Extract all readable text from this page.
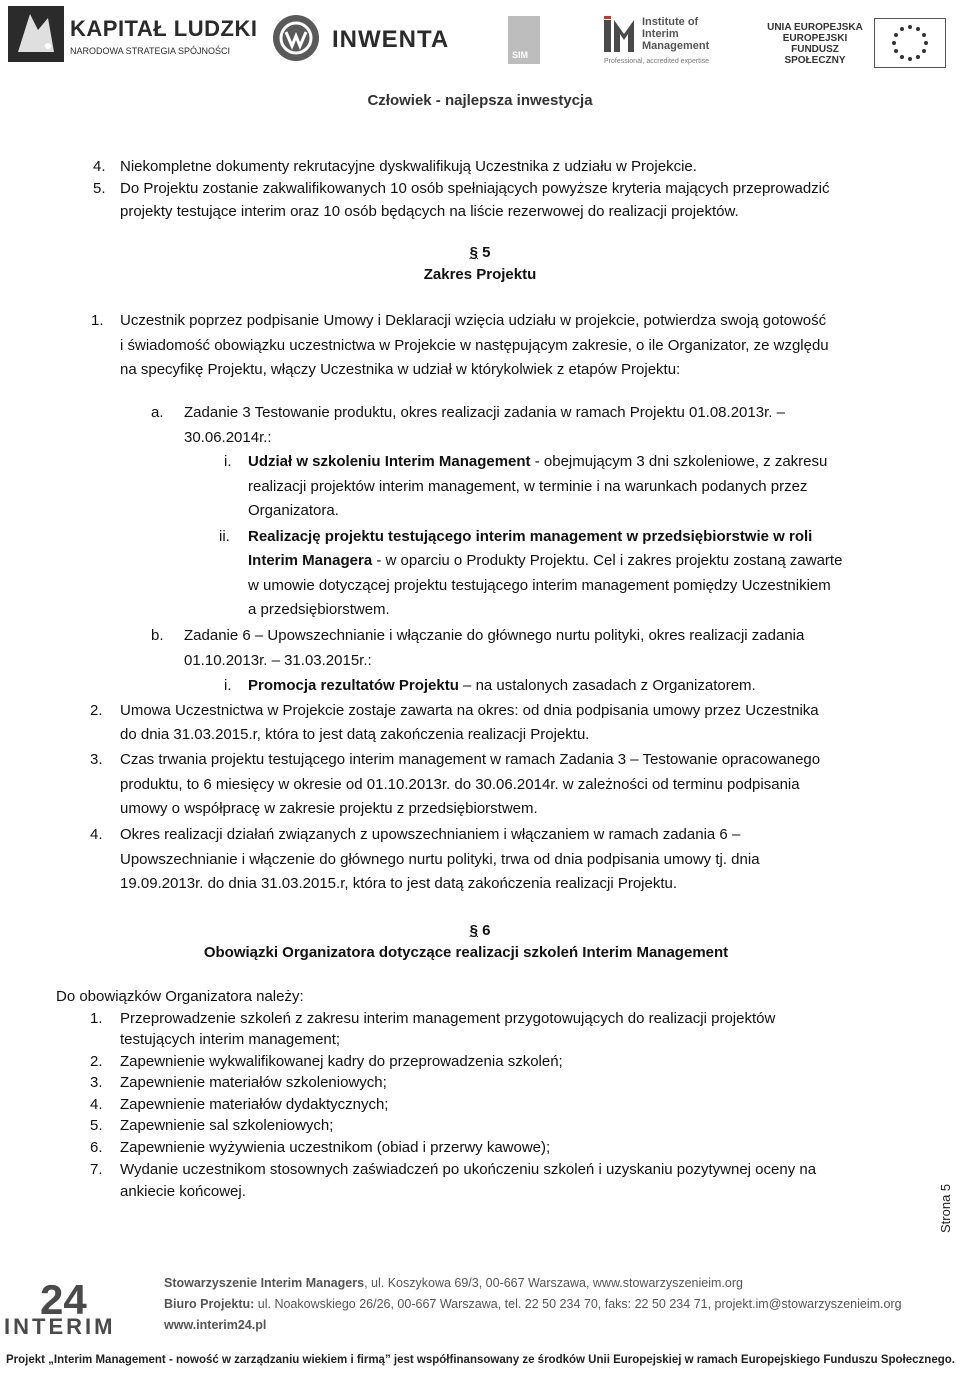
KAPITAŁ LUDZKI
NARODOWA STRATEGIA SPÓJNOŚCI	INWENTA
SIM
Institute of Interim Management
Professional, accredited expertise
UNIA EUROPEJSKA EUROPEJSKI FUNDUSZ SPOŁECZNY
Człowiek - najlepsza inwestycja
4. Niekompletne dokumenty rekrutacyjne dyskwalifikują Uczestnika z udziału w Projekcie.
5. Do Projektu zostanie zakwalifikowanych 10 osób spełniających powyższe kryteria mających przeprowadzić
projekty testujące interim oraz 10 osób będących na liście rezerwowej do realizacji projektów.
§ 5
Zakres Projektu
1. Uczestnik poprzez podpisanie Umowy i Deklaracji wzięcia udziału w projekcie, potwierdza swoją gotowość
i świadomość obowiązku uczestnictwa w Projekcie w następującym zakresie, o ile Organizator, ze względu
na specyfikę Projektu, włączy Uczestnika w udział w którykolwiek z etapów Projektu:
a. Zadanie 3 Testowanie produktu, okres realizacji zadania w ramach Projektu 01.08.2013r. –
30.06.2014r.:
i. Udział w szkoleniu Interim Management - obejmującym 3 dni szkoleniowe, z zakresu
realizacji projektów interim management, w terminie i na warunkach podanych przez
Organizatora.
ii. Realizację projektu testującego interim management w przedsiębiorstwie w roli
Interim Managera - w oparciu o Produkty Projektu. Cel i zakres projektu zostaną zawarte
w umowie dotyczącej projektu testującego interim management pomiędzy Uczestnikiem
a przedsiębiorstwem.
b. Zadanie 6 – Upowszechnianie i włączanie do głównego nurtu polityki, okres realizacji zadania
01.10.2013r. – 31.03.2015r.:
i. Promocja rezultatów Projektu – na ustalonych zasadach z Organizatorem.
2. Umowa Uczestnictwa w Projekcie zostaje zawarta na okres: od dnia podpisania umowy przez Uczestnika
do dnia 31.03.2015.r, która to jest datą zakończenia realizacji Projektu.
3. Czas trwania projektu testującego interim management w ramach Zadania 3 – Testowanie opracowanego
produktu, to 6 miesięcy w okresie od 01.10.2013r. do 30.06.2014r. w zależności od terminu podpisania
umowy o współpracę w zakresie projektu z przedsiębiorstwem.
4. Okres realizacji działań związanych z upowszechnianiem i włączaniem w ramach zadania 6 –
Upowszechnianie i włączenie do głównego nurtu polityki, trwa od dnia podpisania umowy tj. dnia
19.09.2013r. do dnia 31.03.2015.r, która to jest datą zakończenia realizacji Projektu.
§ 6
Obowiązki Organizatora dotyczące realizacji szkoleń Interim Management
Do obowiązków Organizatora należy:
1. Przeprowadzenie szkoleń z zakresu interim management przygotowujących do realizacji projektów
testujących interim management;
2. Zapewnienie wykwalifikowanej kadry do przeprowadzenia szkoleń;
3. Zapewnienie materiałów szkoleniowych;
4. Zapewnienie materiałów dydaktycznych;
5. Zapewnienie sal szkoleniowych;
6. Zapewnienie wyżywienia uczestnikom (obiad i przerwy kawowe);
7. Wydanie uczestnikom stosownych zaświadczeń po ukończeniu szkoleń i uzyskaniu pozytywnej oceny na
ankiecie końcowej.	Strona 5
24
INTERIM
Stowarzyszenie Interim Managers, ul. Koszykowa 69/3, 00-667 Warszawa, www.stowarzyszenieim.org
Biuro Projektu: ul. Noakowskiego 26/26, 00-667 Warszawa, tel. 22 50 234 70, faks: 22 50 234 71, projekt.im@stowarzyszenieim.org
www.interim24.pl
Projekt „Interim Management - nowość w zarządzaniu wiekiem i firmą” jest współfinansowany ze środków Unii Europejskiej w ramach Europejskiego Funduszu Społecznego.
